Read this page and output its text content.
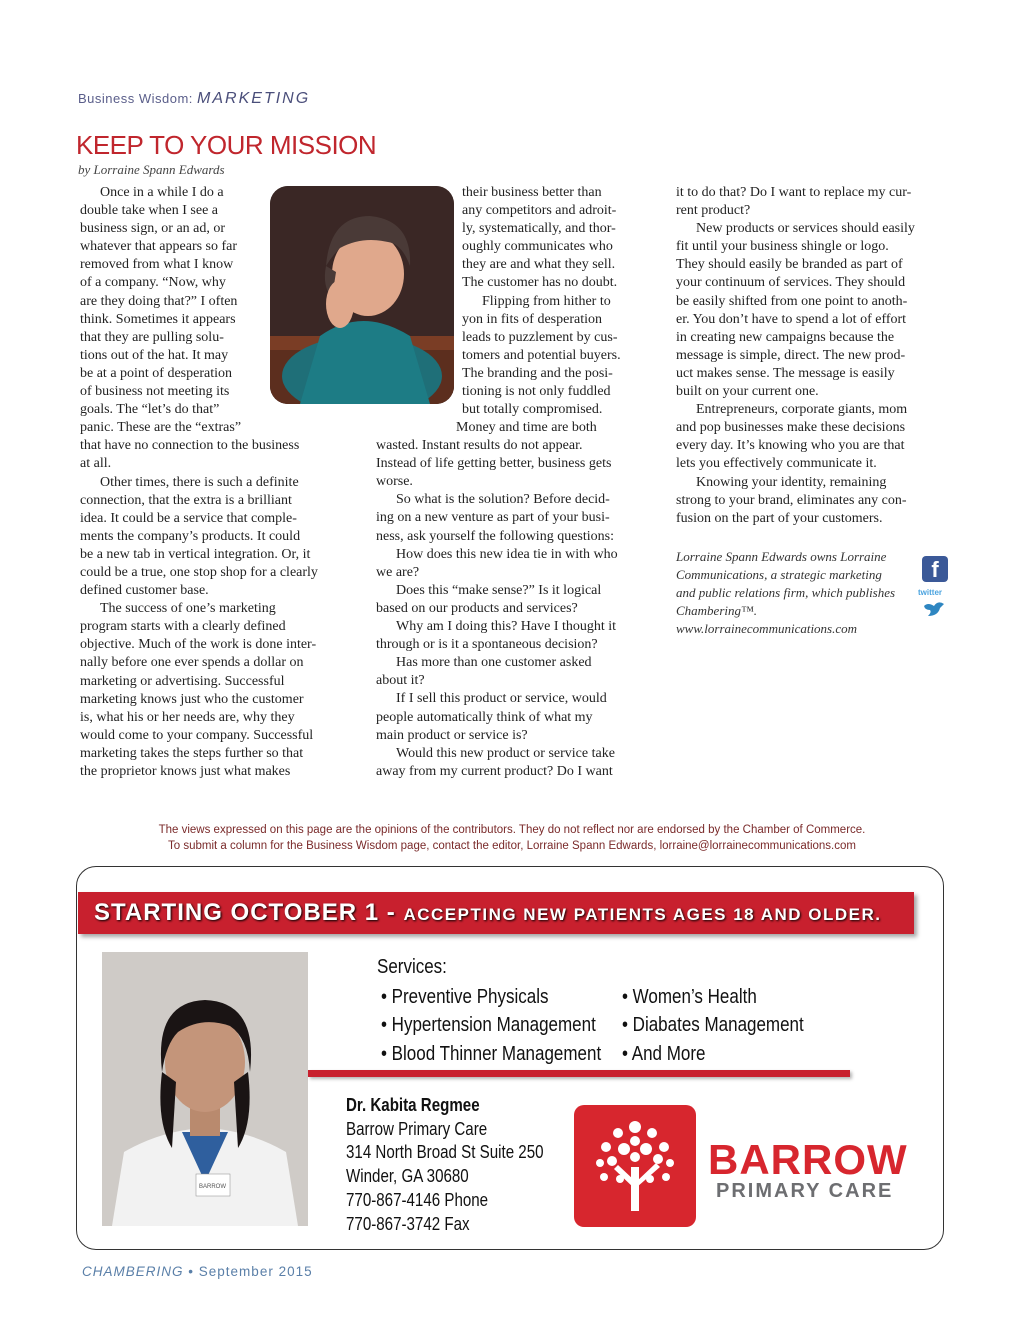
Business Wisdom: MARKETING
KEEP TO YOUR MISSION
by Lorraine Spann Edwards
Once in a while I do a
double take when I see a
business sign, or an ad, or
whatever that appears so far
removed from what I know
of a company. “Now, why
are they doing that?” I often
think. Sometimes it appears
that they are pulling solu-
tions out of the hat. It may
be at a point of desperation
of business not meeting its
goals. The “let’s do that”
panic. These are the “extras”
that have no connection to the business
at all.
Other times, there is such a definite
connection, that the extra is a brilliant
idea. It could be a service that comple-
ments the company’s products. It could
be a new tab in vertical integration. Or, it
could be a true, one stop shop for a clearly
defined customer base.
The success of one’s marketing
program starts with a clearly defined
objective. Much of the work is done inter-
nally before one ever spends a dollar on
marketing or advertising. Successful
marketing knows just who the customer
is, what his or her needs are, why they
would come to your company. Successful
marketing takes the steps further so that
the proprietor knows just what makes
their business better than
any competitors and adroit-
ly, systematically, and thor-
oughly communicates who
they are and what they sell.
The customer has no doubt.
Flipping from hither to
yon in fits of desperation
leads to puzzlement by cus-
tomers and potential buyers.
The branding and the posi-
tioning is not only fuddled
but totally compromised.
Money and time are both
wasted. Instant results do not appear.
Instead of life getting better, business gets
worse.
So what is the solution? Before decid-
ing on a new venture as part of your busi-
ness, ask yourself the following questions:
How does this new idea tie in with who
we are?
Does this “make sense?” Is it logical
based on our products and services?
Why am I doing this? Have I thought it
through or is it a spontaneous decision?
Has more than one customer asked
about it?
If I sell this product or service, would
people automatically think of what my
main product or service is?
Would this new product or service take
away from my current product? Do I want
it to do that? Do I want to replace my cur-
rent product?
New products or services should easily
fit until your business shingle or logo.
They should easily be branded as part of
your continuum of services. They should
be easily shifted from one point to anoth-
er. You don’t have to spend a lot of effort
in creating new campaigns because the
message is simple, direct. The new prod-
uct makes sense. The message is easily
built on your current one.
Entrepreneurs, corporate giants, mom
and pop businesses make these decisions
every day. It’s knowing who you are that
lets you effectively communicate it.
Knowing your identity, remaining
strong to your brand, eliminates any con-
fusion on the part of your customers.
Lorraine Spann Edwards owns Lorraine
Communications, a strategic marketing
and public relations firm, which publishes
Chambering™.
www.lorrainecommunications.com
f
twitter
The views expressed on this page are the opinions of the contributors. They do not reflect nor are endorsed by the Chamber of Commerce.
To submit a column for the Business Wisdom page, contact the editor, Lorraine Spann Edwards, lorraine@lorrainecommunications.com
STARTING OCTOBER 1 - ACCEPTING NEW PATIENTS AGES 18 AND OLDER.
BARROW
Services:
• Preventive Physicals
• Hypertension Management
• Blood Thinner Management
• Women’s Health
• Diabates Management
• And More
Dr. Kabita Regmee
Barrow Primary Care
314 North Broad St Suite 250
Winder, GA 30680
770-867-4146 Phone
770-867-3742 Fax
BARROW
PRIMARY CARE
CHAMBERING • September 2015
